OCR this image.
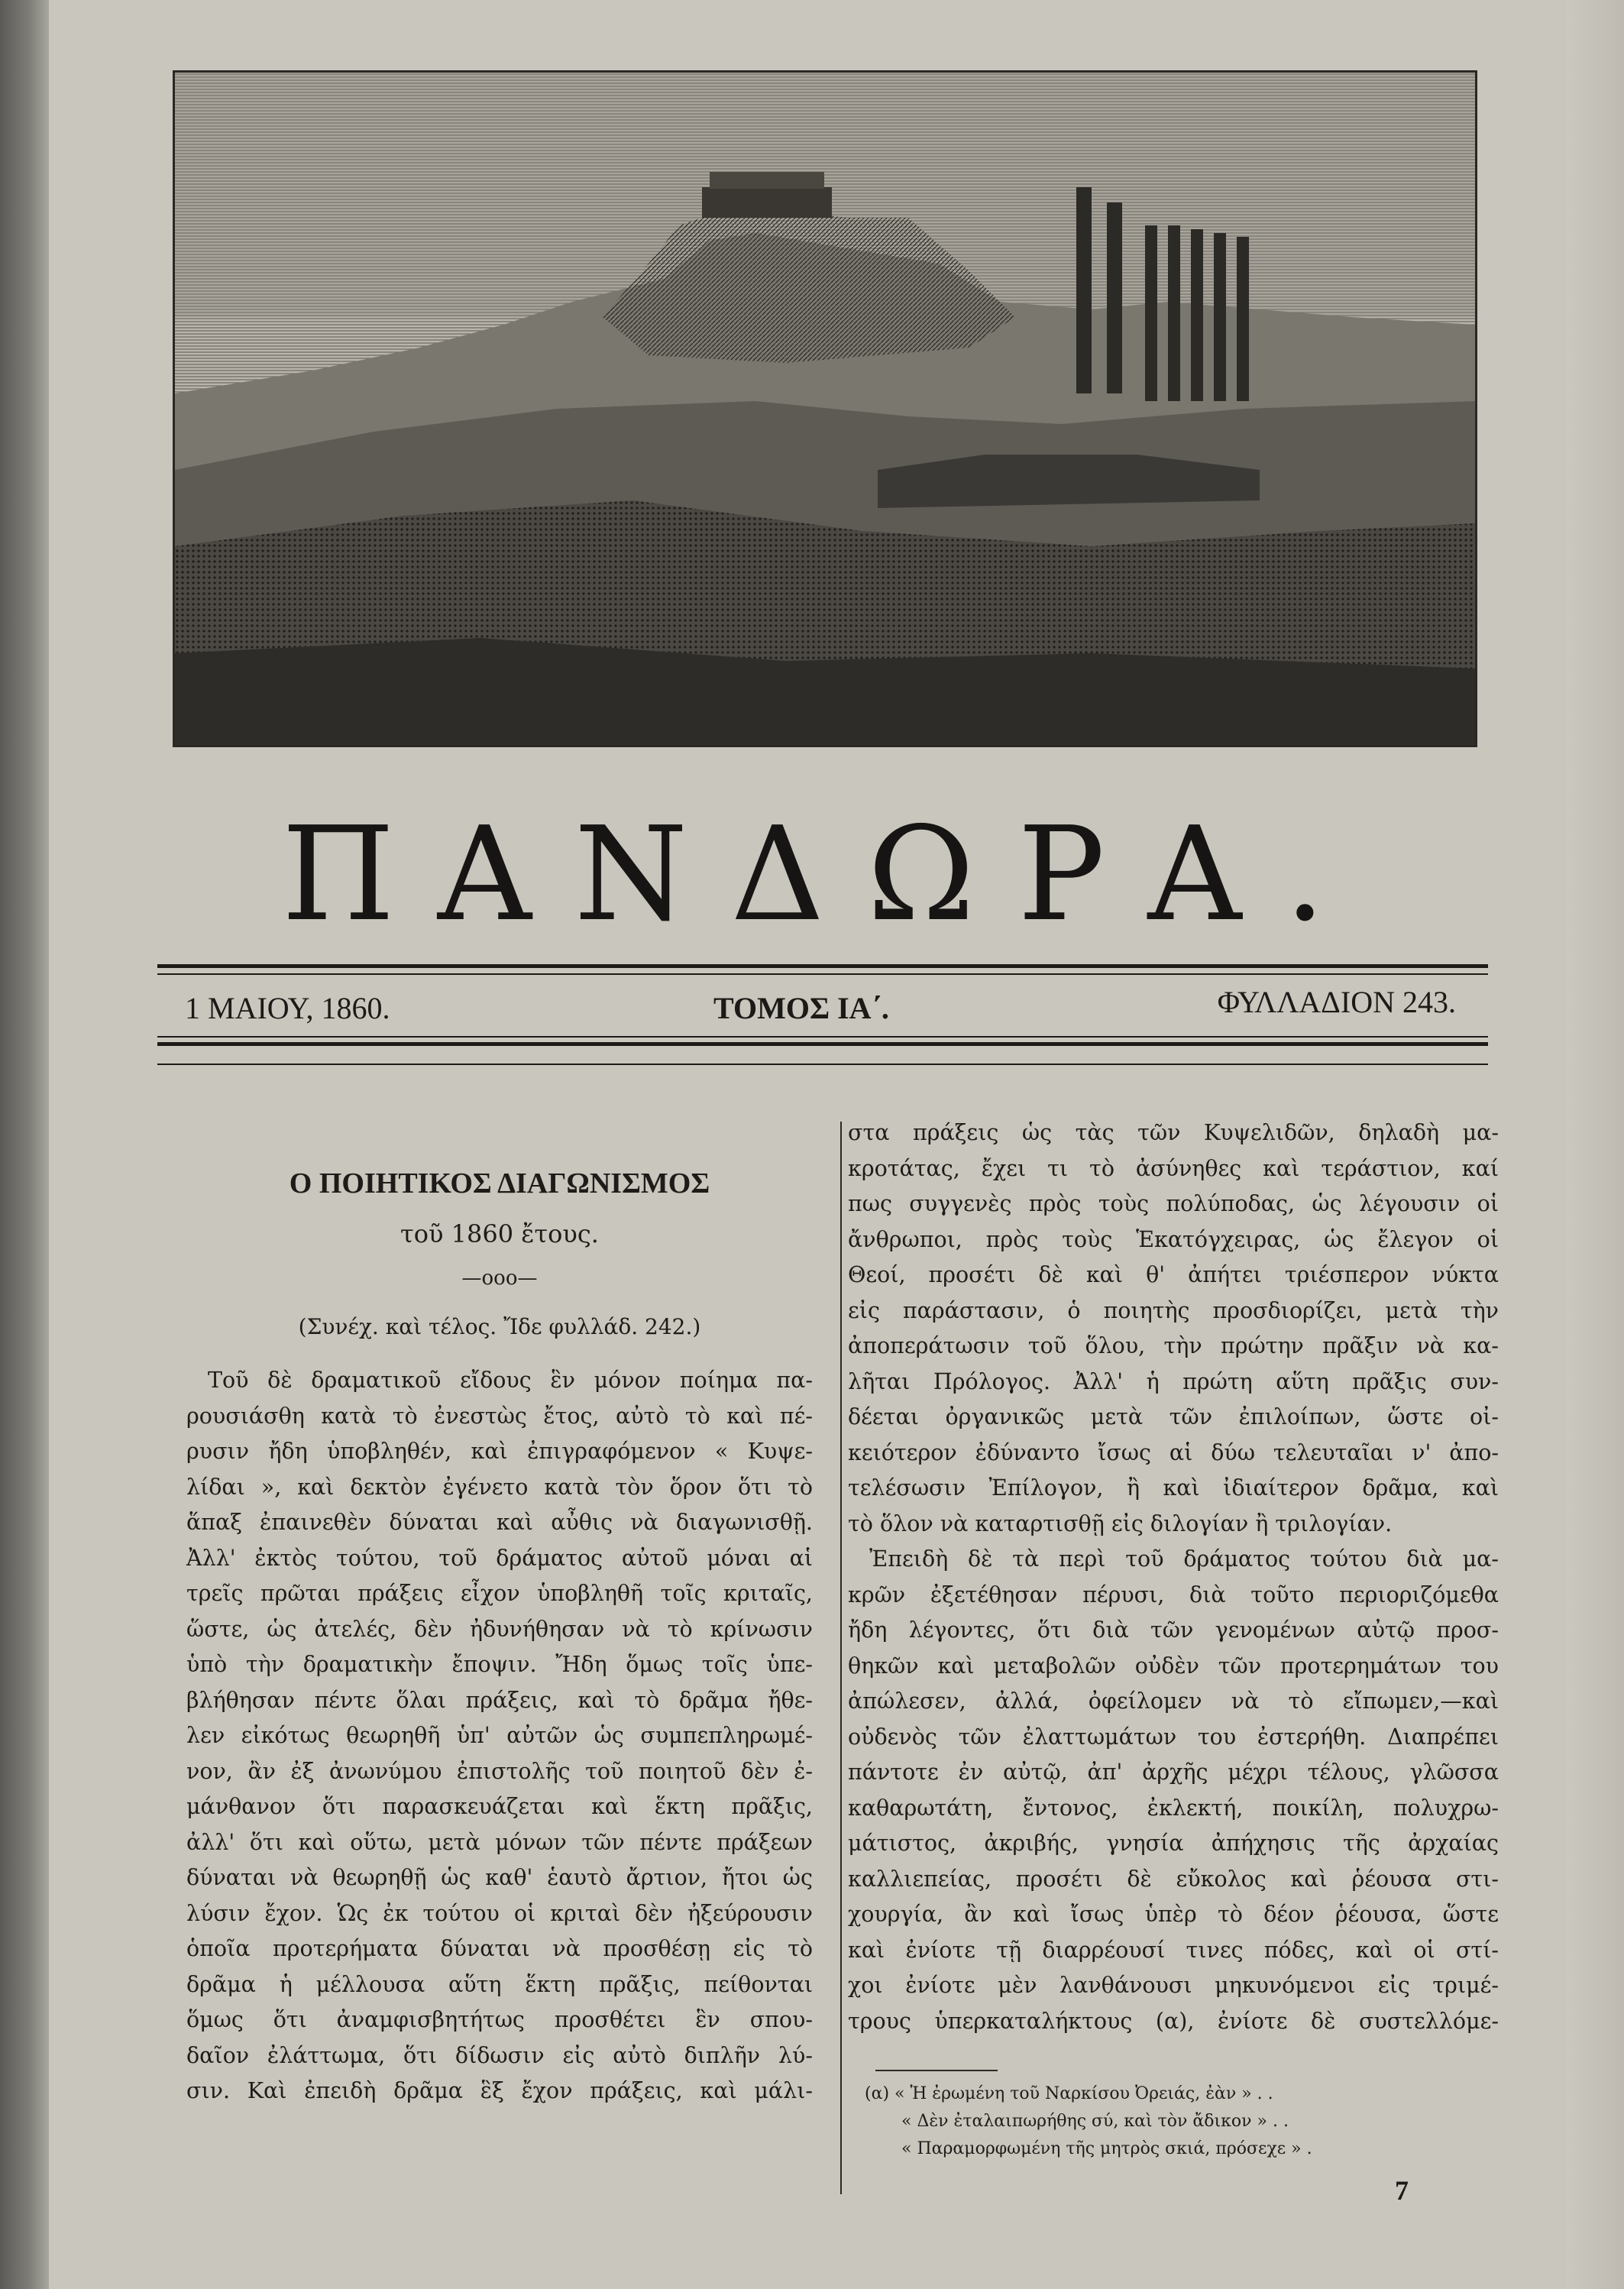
ΠΑΝΔΩΡΑ.
1 ΜΑΙΟΥ, 1860.	ΤΟΜΟΣ ΙΑ΄.	ΦΥΛΛΑΔΙΟΝ 243.
Ο ΠΟΙΗΤΙΚΟΣ ΔΙΑΓΩΝΙΣΜΟΣ
τοῦ 1860 ἔτους.
—ooo—
(Συνέχ. καὶ τέλος. Ἴδε φυλλάδ. 242.)
Τοῦ δὲ δραματικοῦ εἴδους ἓν μόνον ποίημα πα-
ρουσιάσθη κατὰ τὸ ἐνεστὼς ἔτος, αὐτὸ τὸ καὶ πέ-
ρυσιν ἤδη ὑποβληθέν, καὶ ἐπιγραφόμενον « Κυψε-
λίδαι », καὶ δεκτὸν ἐγένετο κατὰ τὸν ὅρον ὅτι τὸ
ἅπαξ ἐπαινεθὲν δύναται καὶ αὖθις νὰ διαγωνισθῇ.
Ἀλλ' ἐκτὸς τούτου, τοῦ δράματος αὐτοῦ μόναι αἱ
τρεῖς πρῶται πράξεις εἶχον ὑποβληθῆ τοῖς κριταῖς,
ὥστε, ὡς ἀτελές, δὲν ἠδυνήθησαν νὰ τὸ κρίνωσιν
ὑπὸ τὴν δραματικὴν ἔποψιν. Ἤδη ὅμως τοῖς ὑπε-
βλήθησαν πέντε ὅλαι πράξεις, καὶ τὸ δρᾶμα ἤθε-
λεν εἰκότως θεωρηθῆ ὑπ' αὐτῶν ὡς συμπεπληρωμέ-
νον, ἂν ἐξ ἀνωνύμου ἐπιστολῆς τοῦ ποιητοῦ δὲν ἐ-
μάνθανον ὅτι παρασκευάζεται καὶ ἕκτη πρᾶξις,
ἀλλ' ὅτι καὶ οὕτω, μετὰ μόνων τῶν πέντε πράξεων
δύναται νὰ θεωρηθῇ ὡς καθ' ἑαυτὸ ἄρτιον, ἤτοι ὡς
λύσιν ἔχον. Ὡς ἐκ τούτου οἱ κριταὶ δὲν ἠξεύρουσιν
ὁποῖα προτερήματα δύναται νὰ προσθέσῃ εἰς τὸ
δρᾶμα ἡ μέλλουσα αὕτη ἕκτη πρᾶξις, πείθονται
ὅμως ὅτι ἀναμφισβητήτως προσθέτει ἓν σπου-
δαῖον ἐλάττωμα, ὅτι δίδωσιν εἰς αὐτὸ διπλῆν λύ-
σιν. Καὶ ἐπειδὴ δρᾶμα ἓξ ἔχον πράξεις, καὶ μάλι-
στα πράξεις ὡς τὰς τῶν Κυψελιδῶν, δηλαδὴ μα-
κροτάτας, ἔχει τι τὸ ἀσύνηθες καὶ τεράστιον, καί
πως συγγενὲς πρὸς τοὺς πολύποδας, ὡς λέγουσιν οἱ
ἄνθρωποι, πρὸς τοὺς Ἑκατόγχειρας, ὡς ἔλεγον οἱ
Θεοί, προσέτι δὲ καὶ θ' ἀπήτει τριέσπερον νύκτα
εἰς παράστασιν, ὁ ποιητὴς προσδιορίζει, μετὰ τὴν
ἀποπεράτωσιν τοῦ ὅλου, τὴν πρώτην πρᾶξιν νὰ κα-
λῆται Πρόλογος. Ἀλλ' ἡ πρώτη αὕτη πρᾶξις συν-
δέεται ὀργανικῶς μετὰ τῶν ἐπιλοίπων, ὥστε οἰ-
κειότερον ἐδύναντο ἴσως αἱ δύω τελευταῖαι ν' ἀπο-
τελέσωσιν Ἐπίλογον, ἢ καὶ ἰδιαίτερον δρᾶμα, καὶ
τὸ ὅλον νὰ καταρτισθῇ εἰς διλογίαν ἢ τριλογίαν.
Ἐπειδὴ δὲ τὰ περὶ τοῦ δράματος τούτου διὰ μα-
κρῶν ἐξετέθησαν πέρυσι, διὰ τοῦτο περιοριζόμεθα
ἤδη λέγοντες, ὅτι διὰ τῶν γενομένων αὐτῷ προσ-
θηκῶν καὶ μεταβολῶν οὐδὲν τῶν προτερημάτων του
ἀπώλεσεν, ἀλλά, ὀφείλομεν νὰ τὸ εἴπωμεν,—καὶ
οὐδενὸς τῶν ἐλαττωμάτων του ἐστερήθη. Διαπρέπει
πάντοτε ἐν αὐτῷ, ἀπ' ἀρχῆς μέχρι τέλους, γλῶσσα
καθαρωτάτη, ἔντονος, ἐκλεκτή, ποικίλη, πολυχρω-
μάτιστος, ἀκριβής, γνησία ἀπήχησις τῆς ἀρχαίας
καλλιεπείας, προσέτι δὲ εὔκολος καὶ ῥέουσα στι-
χουργία, ἂν καὶ ἴσως ὑπὲρ τὸ δέον ῥέουσα, ὥστε
καὶ ἐνίοτε τῇ διαρρέουσί τινες πόδες, καὶ οἱ στί-
χοι ἐνίοτε μὲν λανθάνουσι μηκυνόμενοι εἰς τριμέ-
τρους ὑπερκαταλήκτους (α), ἐνίοτε δὲ συστελλόμε-
(α) « Ἡ ἐρωμένη τοῦ Ναρκίσου Ὀρειάς, ἐὰν » . .
« Δὲν ἐταλαιπωρήθης σύ, καὶ τὸν ἄδικον » . .
« Παραμορφωμένη τῆς μητρὸς σκιά, πρόσεχε » .
7
